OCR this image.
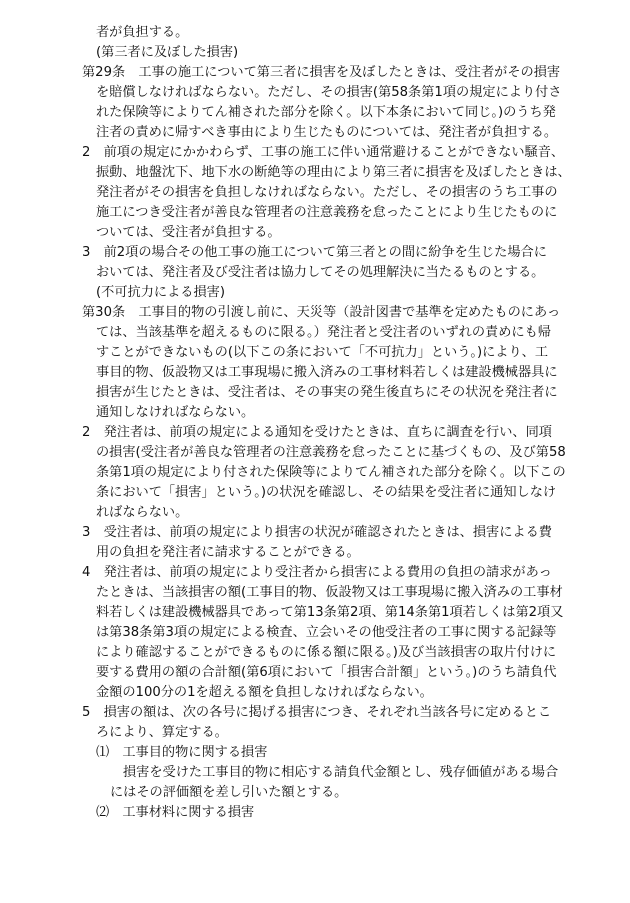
者が負担する。
(第三者に及ぼした損害)
第29条　工事の施工について第三者に損害を及ぼしたときは、受注者がその損害
を賠償しなければならない。ただし、その損害(第58条第1項の規定により付さ
れた保険等によりてん補された部分を除く。以下本条において同じ。)のうち発
注者の責めに帰すべき事由により生じたものについては、発注者が負担する。
2　前項の規定にかかわらず、工事の施工に伴い通常避けることができない騒音、
振動、地盤沈下、地下水の断絶等の理由により第三者に損害を及ぼしたときは、
発注者がその損害を負担しなければならない。ただし、その損害のうち工事の
施工につき受注者が善良な管理者の注意義務を怠ったことにより生じたものに
ついては、受注者が負担する。
3　前2項の場合その他工事の施工について第三者との間に紛争を生じた場合に
おいては、発注者及び受注者は協力してその処理解決に当たるものとする。
(不可抗力による損害)
第30条　工事目的物の引渡し前に、天災等（設計図書で基準を定めたものにあっ
ては、当該基準を超えるものに限る。）発注者と受注者のいずれの責めにも帰
すことができないもの(以下この条において「不可抗力」という。)により、工
事目的物、仮設物又は工事現場に搬入済みの工事材料若しくは建設機械器具に
損害が生じたときは、受注者は、その事実の発生後直ちにその状況を発注者に
通知しなければならない。
2　発注者は、前項の規定による通知を受けたときは、直ちに調査を行い、同項
の損害(受注者が善良な管理者の注意義務を怠ったことに基づくもの、及び第58
条第1項の規定により付された保険等によりてん補された部分を除く。以下この
条において「損害」という。)の状況を確認し、その結果を受注者に通知しなけ
ればならない。
3　受注者は、前項の規定により損害の状況が確認されたときは、損害による費
用の負担を発注者に請求することができる。
4　発注者は、前項の規定により受注者から損害による費用の負担の請求があっ
たときは、当該損害の額(工事目的物、仮設物又は工事現場に搬入済みの工事材
料若しくは建設機械器具であって第13条第2項、第14条第1項若しくは第2項又
は第38条第3項の規定による検査、立会いその他受注者の工事に関する記録等
により確認することができるものに係る額に限る。)及び当該損害の取片付けに
要する費用の額の合計額(第6項において「損害合計額」という。)のうち請負代
金額の100分の1を超える額を負担しなければならない。
5　損害の額は、次の各号に掲げる損害につき、それぞれ当該各号に定めるとこ
ろにより、算定する。
⑴　工事目的物に関する損害
損害を受けた工事目的物に相応する請負代金額とし、残存価値がある場合
にはその評価額を差し引いた額とする。
⑵　工事材料に関する損害
